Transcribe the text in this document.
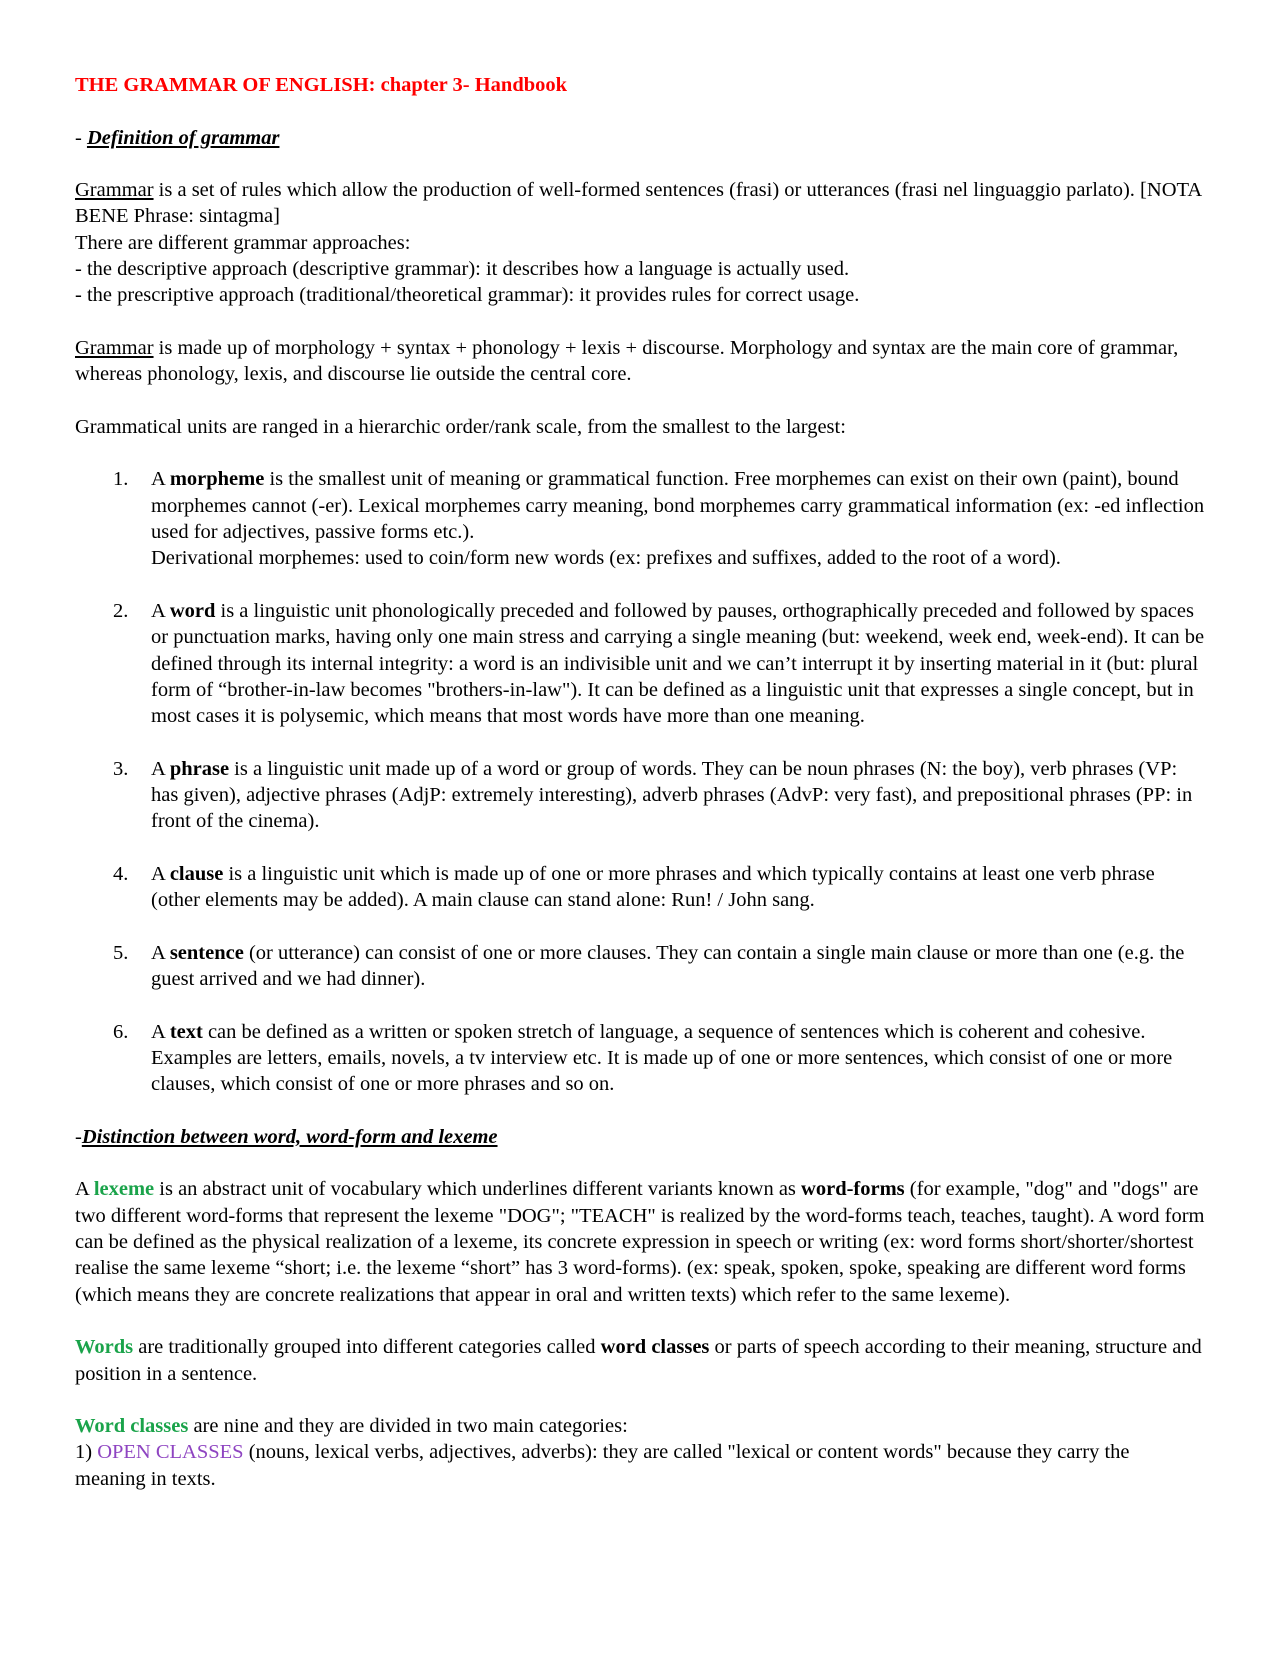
THE GRAMMAR OF ENGLISH: chapter 3- Handbook

- Definition of grammar

Grammar is a set of rules which allow the production of well-formed sentences (frasi) or utterances (frasi nel linguaggio parlato). [NOTA BENE Phrase: sintagma]

There are different grammar approaches:

- the descriptive approach (descriptive grammar): it describes how a language is actually used.

- the prescriptive approach (traditional/theoretical grammar): it provides rules for correct usage.

Grammar is made up of morphology + syntax + phonology + lexis + discourse. Morphology and syntax are the main core of grammar, whereas phonology, lexis, and discourse lie outside the central core.

Grammatical units are ranged in a hierarchic order/rank scale, from the smallest to the largest:

1. A morpheme is the smallest unit of meaning or grammatical function. Free morphemes can exist on their own (paint), bound morphemes cannot (-er). Lexical morphemes carry meaning, bond morphemes carry grammatical information (ex: -ed inflection used for adjectives, passive forms etc.).
Derivational morphemes: used to coin/form new words (ex: prefixes and suffixes, added to the root of a word).
2. A word is a linguistic unit phonologically preceded and followed by pauses, orthographically preceded and followed by spaces or punctuation marks, having only one main stress and carrying a single meaning (but: weekend, week end, week-end). It can be defined through its internal integrity: a word is an indivisible unit and we can’t interrupt it by inserting material in it (but: plural form of “brother-in-law becomes "brothers-in-law"). It can be defined as a linguistic unit that expresses a single concept, but in most cases it is polysemic, which means that most words have more than one meaning.
3. A phrase is a linguistic unit made up of a word or group of words. They can be noun phrases (N: the boy), verb phrases (VP: has given), adjective phrases (AdjP: extremely interesting), adverb phrases (AdvP: very fast), and prepositional phrases (PP: in front of the cinema).
4. A clause is a linguistic unit which is made up of one or more phrases and which typically contains at least one verb phrase (other elements may be added). A main clause can stand alone: Run! / John sang.
5. A sentence (or utterance) can consist of one or more clauses. They can contain a single main clause or more than one (e.g. the guest arrived and we had dinner).
6. A text can be defined as a written or spoken stretch of language, a sequence of sentences which is coherent and cohesive. Examples are letters, emails, novels, a tv interview etc. It is made up of one or more sentences, which consist of one or more clauses, which consist of one or more phrases and so on.

-Distinction between word, word-form and lexeme

A lexeme is an abstract unit of vocabulary which underlines different variants known as word-forms (for example, "dog" and "dogs" are two different word-forms that represent the lexeme "DOG"; "TEACH" is realized by the word-forms teach, teaches, taught). A word form can be defined as the physical realization of a lexeme, its concrete expression in speech or writing (ex: word forms short/shorter/shortest realise the same lexeme “short; i.e. the lexeme “short” has 3 word-forms). (ex: speak, spoken, spoke, speaking are different word forms (which means they are concrete realizations that appear in oral and written texts) which refer to the same lexeme).

Words are traditionally grouped into different categories called word classes or parts of speech according to their meaning, structure and position in a sentence.

Word classes are nine and they are divided in two main categories:

1) OPEN CLASSES (nouns, lexical verbs, adjectives, adverbs): they are called "lexical or content words" because they carry the meaning in texts.
